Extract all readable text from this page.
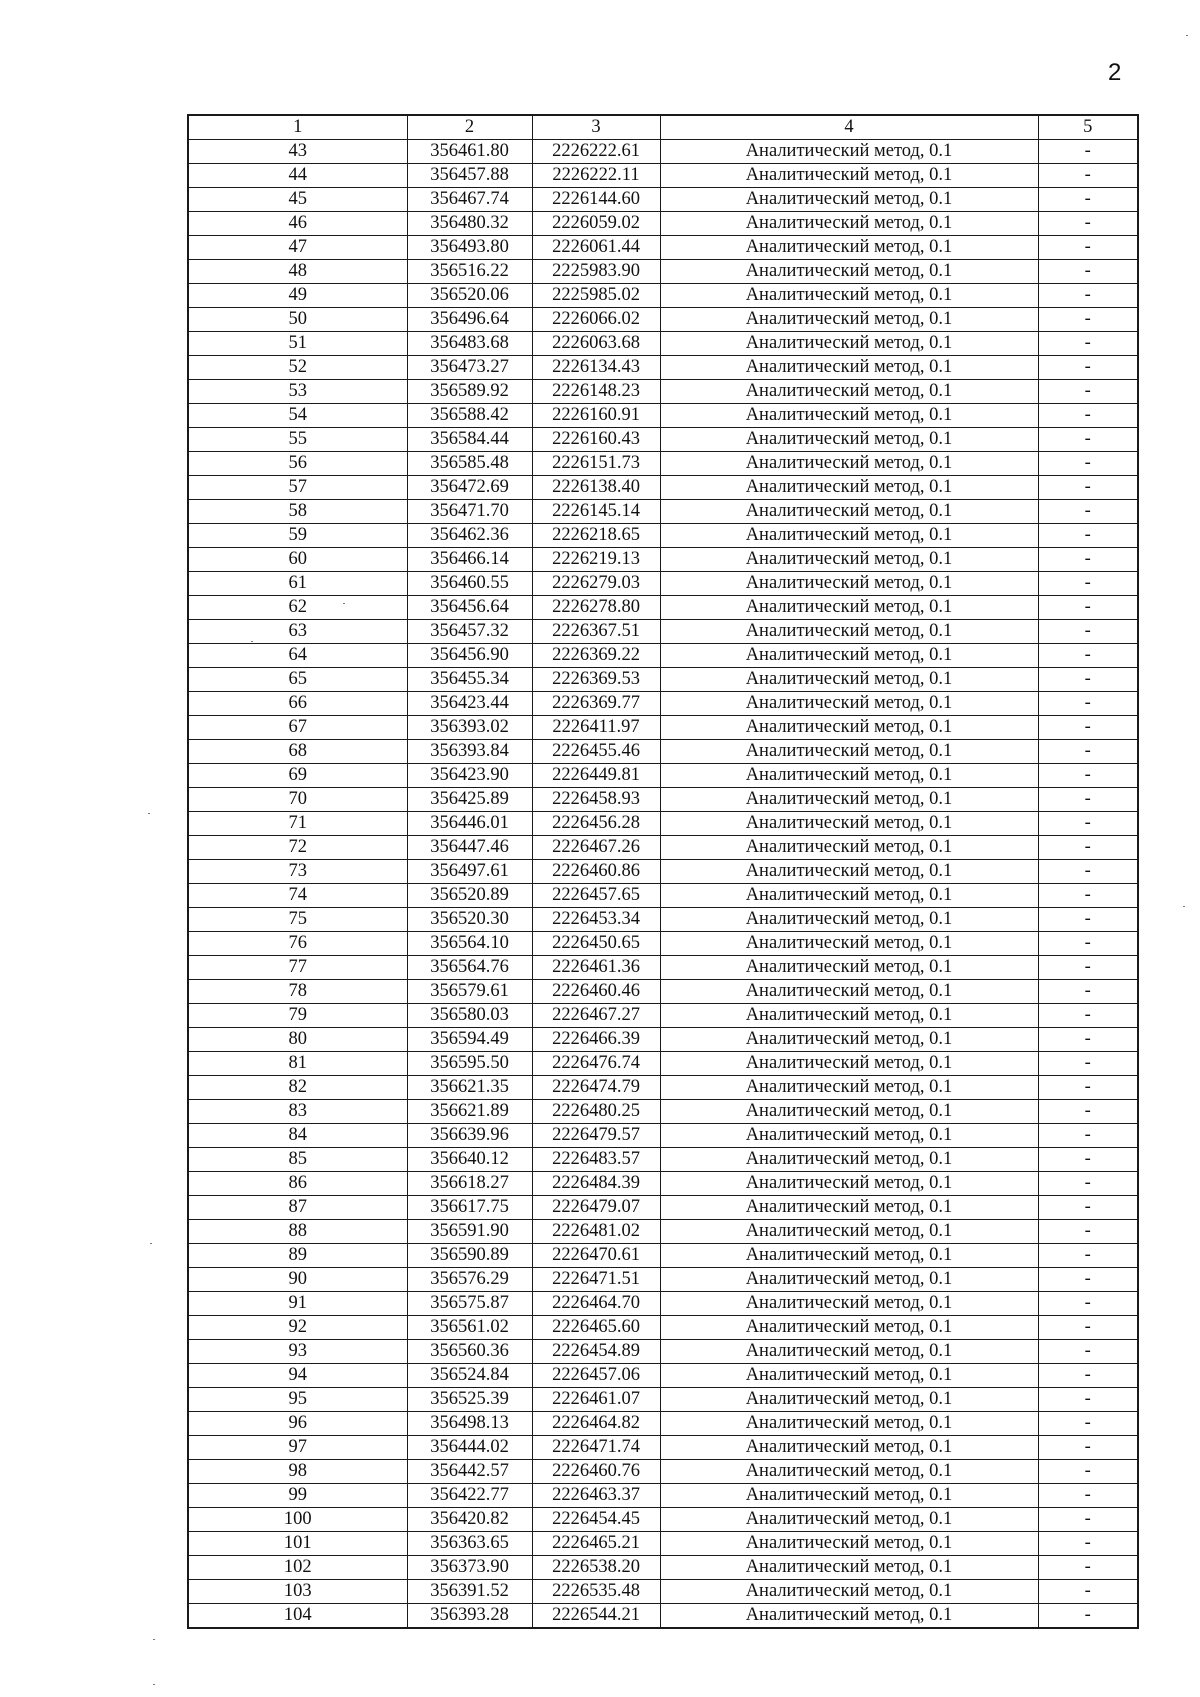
2
1	2	3	4	5
43	356461.80	2226222.61	Аналитический метод, 0.1	-
44	356457.88	2226222.11	Аналитический метод, 0.1	-
45	356467.74	2226144.60	Аналитический метод, 0.1	-
46	356480.32	2226059.02	Аналитический метод, 0.1	-
47	356493.80	2226061.44	Аналитический метод, 0.1	-
48	356516.22	2225983.90	Аналитический метод, 0.1	-
49	356520.06	2225985.02	Аналитический метод, 0.1	-
50	356496.64	2226066.02	Аналитический метод, 0.1	-
51	356483.68	2226063.68	Аналитический метод, 0.1	-
52	356473.27	2226134.43	Аналитический метод, 0.1	-
53	356589.92	2226148.23	Аналитический метод, 0.1	-
54	356588.42	2226160.91	Аналитический метод, 0.1	-
55	356584.44	2226160.43	Аналитический метод, 0.1	-
56	356585.48	2226151.73	Аналитический метод, 0.1	-
57	356472.69	2226138.40	Аналитический метод, 0.1	-
58	356471.70	2226145.14	Аналитический метод, 0.1	-
59	356462.36	2226218.65	Аналитический метод, 0.1	-
60	356466.14	2226219.13	Аналитический метод, 0.1	-
61	356460.55	2226279.03	Аналитический метод, 0.1	-
62	356456.64	2226278.80	Аналитический метод, 0.1	-
63	356457.32	2226367.51	Аналитический метод, 0.1	-
64	356456.90	2226369.22	Аналитический метод, 0.1	-
65	356455.34	2226369.53	Аналитический метод, 0.1	-
66	356423.44	2226369.77	Аналитический метод, 0.1	-
67	356393.02	2226411.97	Аналитический метод, 0.1	-
68	356393.84	2226455.46	Аналитический метод, 0.1	-
69	356423.90	2226449.81	Аналитический метод, 0.1	-
70	356425.89	2226458.93	Аналитический метод, 0.1	-
71	356446.01	2226456.28	Аналитический метод, 0.1	-
72	356447.46	2226467.26	Аналитический метод, 0.1	-
73	356497.61	2226460.86	Аналитический метод, 0.1	-
74	356520.89	2226457.65	Аналитический метод, 0.1	-
75	356520.30	2226453.34	Аналитический метод, 0.1	-
76	356564.10	2226450.65	Аналитический метод, 0.1	-
77	356564.76	2226461.36	Аналитический метод, 0.1	-
78	356579.61	2226460.46	Аналитический метод, 0.1	-
79	356580.03	2226467.27	Аналитический метод, 0.1	-
80	356594.49	2226466.39	Аналитический метод, 0.1	-
81	356595.50	2226476.74	Аналитический метод, 0.1	-
82	356621.35	2226474.79	Аналитический метод, 0.1	-
83	356621.89	2226480.25	Аналитический метод, 0.1	-
84	356639.96	2226479.57	Аналитический метод, 0.1	-
85	356640.12	2226483.57	Аналитический метод, 0.1	-
86	356618.27	2226484.39	Аналитический метод, 0.1	-
87	356617.75	2226479.07	Аналитический метод, 0.1	-
88	356591.90	2226481.02	Аналитический метод, 0.1	-
89	356590.89	2226470.61	Аналитический метод, 0.1	-
90	356576.29	2226471.51	Аналитический метод, 0.1	-
91	356575.87	2226464.70	Аналитический метод, 0.1	-
92	356561.02	2226465.60	Аналитический метод, 0.1	-
93	356560.36	2226454.89	Аналитический метод, 0.1	-
94	356524.84	2226457.06	Аналитический метод, 0.1	-
95	356525.39	2226461.07	Аналитический метод, 0.1	-
96	356498.13	2226464.82	Аналитический метод, 0.1	-
97	356444.02	2226471.74	Аналитический метод, 0.1	-
98	356442.57	2226460.76	Аналитический метод, 0.1	-
99	356422.77	2226463.37	Аналитический метод, 0.1	-
100	356420.82	2226454.45	Аналитический метод, 0.1	-
101	356363.65	2226465.21	Аналитический метод, 0.1	-
102	356373.90	2226538.20	Аналитический метод, 0.1	-
103	356391.52	2226535.48	Аналитический метод, 0.1	-
104	356393.28	2226544.21	Аналитический метод, 0.1	-
